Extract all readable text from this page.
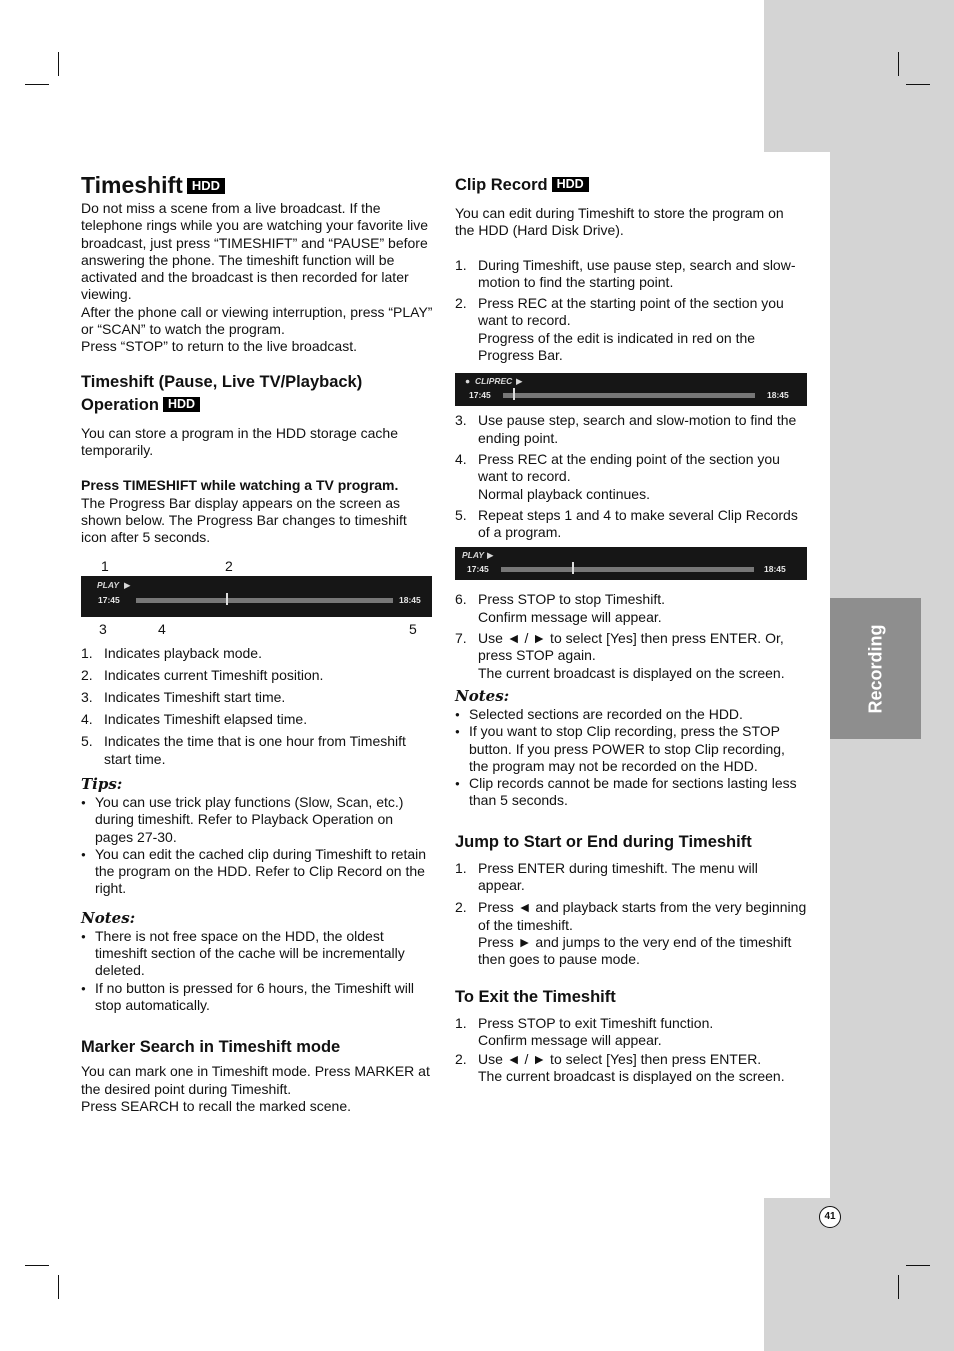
Recording
41
Timeshift HDD

Do not miss a scene from a live broadcast. If the telephone rings while you are watching your favorite live broadcast, just press “TIMESHIFT” and “PAUSE” before answering the phone. The timeshift function will be activated and the broadcast is then recorded for later viewing.

After the phone call or viewing interruption, press “PLAY” or “SCAN” to watch the program.

Press “STOP” to return to the live broadcast.

Timeshift (Pause, Live TV/Playback) Operation HDD

You can store a program in the HDD storage cache temporarily.

Press TIMESHIFT while watching a TV program.

The Progress Bar display appears on the screen as shown below. The Progress Bar changes to timeshift icon after 5 seconds.

1	2
PLAY ▶
17:45	18:45
3	4	5
1. Indicates playback mode.
2. Indicates current Timeshift position.
3. Indicates Timeshift start time.
4. Indicates Timeshift elapsed time.
5. Indicates the time that is one hour from Timeshift start time.

Tips:

● You can use trick play functions (Slow, Scan, etc.) during timeshift. Refer to Playback Operation on pages 27-30.
● You can edit the cached clip during Timeshift to retain the program on the HDD. Refer to Clip Record on the right.

Notes:

● There is not free space on the HDD, the oldest timeshift section of the cache will be incrementally deleted.
● If no button is pressed for 6 hours, the Timeshift will stop automatically.
Marker Search in Timeshift mode

You can mark one in Timeshift mode. Press MARKER at the desired point during Timeshift.

Press SEARCH to recall the marked scene.

Clip Record HDD

You can edit during Timeshift to store the program on the HDD (Hard Disk Drive).

1. During Timeshift, use pause step, search and slow-motion to find the starting point.
2. Press REC at the starting point of the section you want to record.
Progress of the edit is indicated in red on the Progress Bar.
● CLIPREC ▶
17:45	18:45
3. Use pause step, search and slow-motion to find the ending point.
4. Press REC at the ending point of the section you want to record.
Normal playback continues.
5. Repeat steps 1 and 4 to make several Clip Records of a program.
PLAY ▶
17:45	18:45
6. Press STOP to stop Timeshift.
Confirm message will appear.
7. Use ◄ / ► to select [Yes] then press ENTER. Or, press STOP again.
The current broadcast is displayed on the screen.

Notes:

● Selected sections are recorded on the HDD.
● If you want to stop Clip recording, press the STOP button. If you press POWER to stop Clip recording, the program may not be recorded on the HDD.
● Clip records cannot be made for sections lasting less than 5 seconds.
Jump to Start or End during Timeshift
1. Press ENTER during timeshift. The menu will appear.
2. Press ◄ and playback starts from the very beginning of the timeshift.
Press ► and jumps to the very end of the timeshift then goes to pause mode.
To Exit the Timeshift
1. Press STOP to exit Timeshift function.
Confirm message will appear.
2. Use ◄ / ► to select [Yes] then press ENTER.
The current broadcast is displayed on the screen.
